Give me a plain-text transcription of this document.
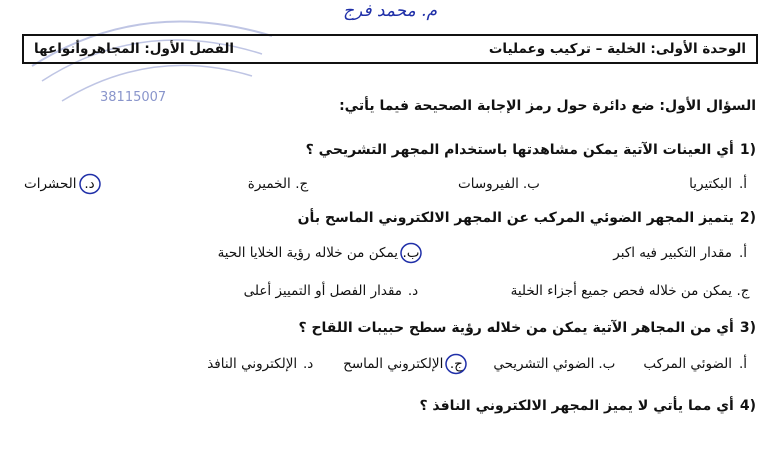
م. محمد فرج
38115007
الوحدة الأولى: الخلية – تركيب وعمليات
الفصل الأول: المجاهروأنواعها
السؤال الأول: ضع دائرة حول رمز الإجابة الصحيحة فيما يأتي:
1)
أي العينات الآتية يمكن مشاهدتها باستخدام المجهر التشريحي ؟
أ.
البكتيريا
ب.
الفيروسات
ج.
الخميرة
د.
الحشرات
2)
يتميز المجهر الضوئي المركب عن المجهر الالكتروني الماسح بأن
أ.
مقدار التكبير فيه اكبر
ب.
يمكن من خلاله رؤية الخلايا الحية
ج.
يمكن من خلاله فحص جميع أجزاء الخلية
د.
مقدار الفصل أو التمييز أعلى
3)
أي من المجاهر الآتية يمكن من خلاله رؤية سطح حبيبات اللقاح ؟
أ.
الضوئي المركب
ب.
الضوئي التشريحي
ج.
الإلكتروني الماسح
د.
الإلكتروني النافذ
4)
أي مما يأتي لا يميز المجهر الالكتروني النافذ ؟
